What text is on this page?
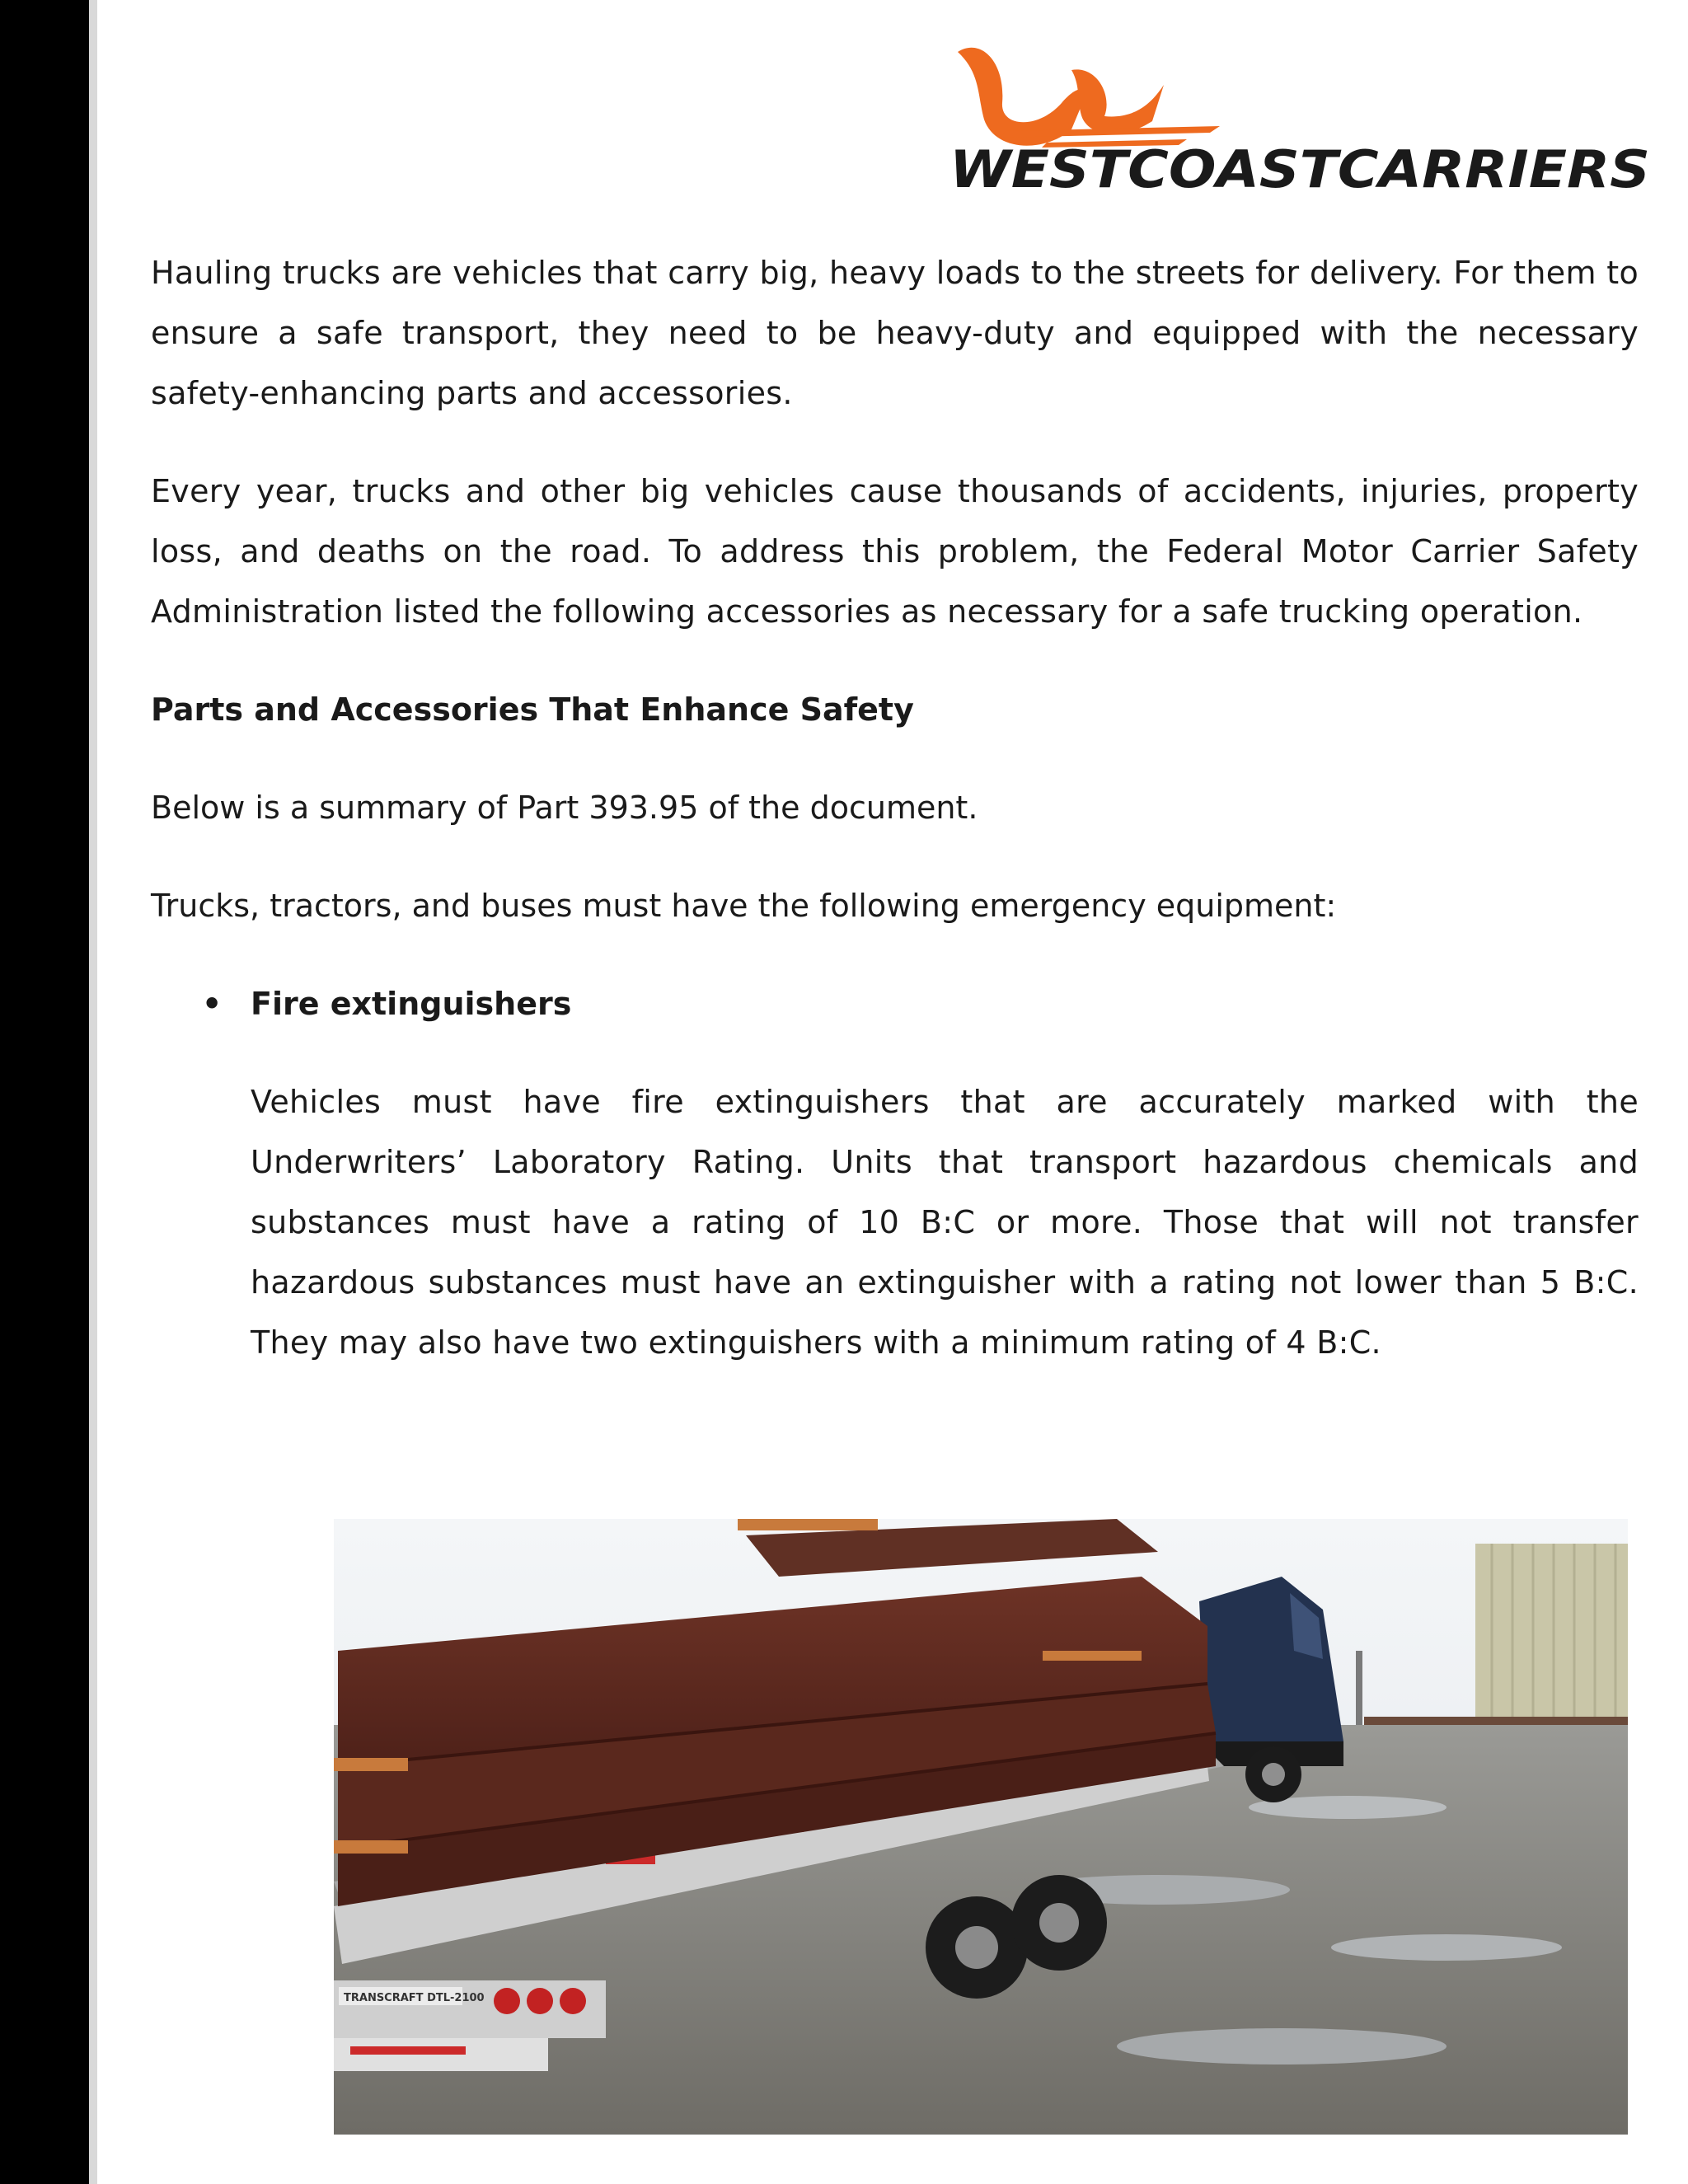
WESTCOASTCARRIERS

Hauling trucks are vehicles that carry big, heavy loads to the streets for delivery. For them to ensure a safe transport, they need to be heavy-duty and equipped with the necessary safety-enhancing parts and accessories.

Every year, trucks and other big vehicles cause thousands of accidents, injuries, property loss, and deaths on the road. To address this problem, the Federal Motor Carrier Safety Administration listed the following accessories as necessary for a safe trucking operation.

Parts and Accessories That Enhance Safety

Below is a summary of Part 393.95 of the document.

Trucks, tractors, and buses must have the following emergency equipment:

• Fire extinguishers

Vehicles must have fire extinguishers that are accurately marked with the Underwriters’ Laboratory Rating. Units that transport hazardous chemicals and substances must have a rating of 10 B:C or more. Those that will not transfer hazardous substances must have an extinguisher with a rating not lower than 5 B:C. They may also have two extinguishers with a minimum rating of 4 B:C.

TRANSCRAFT DTL-2100
